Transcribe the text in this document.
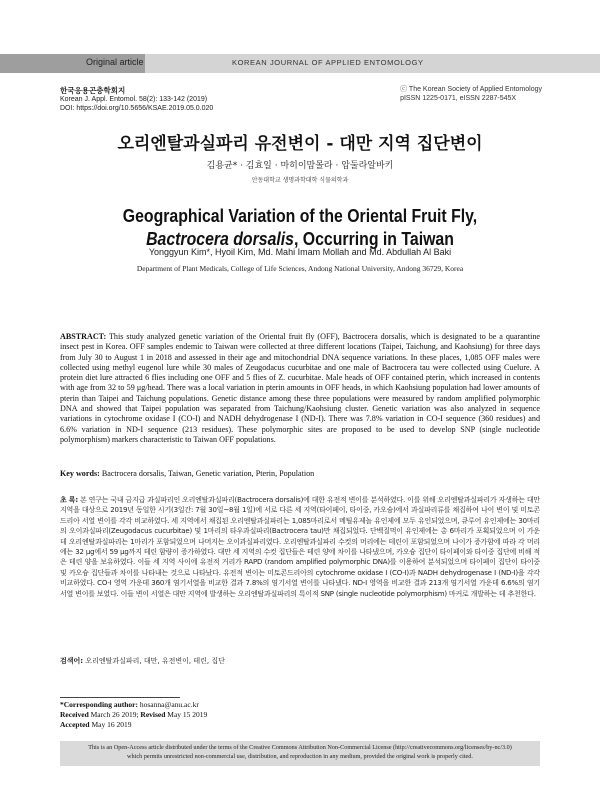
Original article	KOREAN JOURNAL OF APPLIED ENTOMOLOGY
한국응용곤충학회지
Korean J. Appl. Entomol. 58(2): 133-142 (2019)
DOI: https://doi.org/10.5656/KSAE.2019.05.0.020
ⓒ The Korean Society of Applied Entomology
pISSN 1225-0171, eISSN 2287-545X
오리엔탈과실파리 유전변이 - 대만 지역 집단변이
김용균* · 김효일 · 마히이맘몰라 · 압둘라알바키
안동대학교 생명과학대학 식물의학과
Geographical Variation of the Oriental Fruit Fly,
Bactrocera dorsalis, Occurring in Taiwan
Yonggyun Kim*, Hyoil Kim, Md. Mahi Imam Mollah and Md. Abdullah Al Baki
Department of Plant Medicals, College of Life Sciences, Andong National University, Andong 36729, Korea
ABSTRACT: This study analyzed genetic variation of the Oriental fruit fly (OFF), Bactrocera dorsalis, which is designated to be a quarantine insect pest in Korea. OFF samples endemic to Taiwan were collected at three different locations (Taipei, Taichung, and Kaohsiung) for three days from July 30 to August 1 in 2018 and assessed in their age and mitochondrial DNA sequence variations. In these places, 1,085 OFF males were collected using methyl eugenol lure while 30 males of Zeugodacus cucurbitae and one male of Bactrocera tau were collected using Cuelure. A protein diet lure attracted 6 flies including one OFF and 5 flies of Z. cucurbitae. Male heads of OFF contained pterin, which increased in contents with age from 32 to 59 μg/head. There was a local variation in pterin amounts in OFF heads, in which Kaohsiung population had lower amounts of pterin than Taipei and Taichung populations. Genetic distance among these three populations were measured by random amplified polymorphic DNA and showed that Taipei population was separated from Taichung/Kaohsiung cluster. Genetic variation was also analyzed in sequence variations in cytochrome oxidase I (CO-I) and NADH dehydrogenase I (ND-I). There was 7.8% variation in CO-I sequence (360 residues) and 6.6% variation in ND-I sequence (213 residues). These polymorphic sites are proposed to be used to develop SNP (single nucleotide polymorphism) markers characteristic to Taiwan OFF populations.
Key words: Bactrocera dorsalis, Taiwan, Genetic variation, Pterin, Population
초 록: 본 연구는 국내 금지급 과실파리인 오리엔탈과실파리(Bactrocera dorsalis)에 대한 유전적 변이를 분석하였다. 이를 위해 오리엔탈과실파리가 자생하는 대만 지역을 대상으로 2019년 동일한 시기(3일간: 7월 30일~8월 1일)에 서로 다른 세 지역(타이페이, 타이중, 카오슝)에서 과실파리류를 채집하여 나이 변이 및 미토콘드리아 서열 변이를 각각 비교하였다. 세 지역에서 채집된 오리엔탈과실파리는 1,085마리로서 메틸유제놀 유인제에 모두 유인되었으며, 큐루어 유인제에는 30마리의 오이과실파리(Zeugodacus cucurbitae) 및 1마리의 타우과실파리(Bactrocera tau)만 채집되었다. 단백질먹이 유인제에는 총 6마리가 포획되었으며 이 가운데 오리엔탈과실파리는 1마리가 포함되었으며 나머지는 오이과실파리였다. 오리엔탈과실파리 수컷의 머리에는 테린이 포함되었으며 나이가 증가함에 따라 각 머리에는 32 μg에서 59 μg까지 테린 함량이 증가하였다. 대만 세 지역의 수컷 집단들은 테린 양에 차이를 나타냈으며, 카오슝 집단이 타이페이와 타이중 집단에 비해 적은 테린 양을 보유하였다. 이들 세 지역 사이에 유전적 거리가 RAPD (random amplified polymorphic DNA)를 이용하여 분석되었으며 타이페이 집단이 타이중 및 카오슝 집단들과 차이를 나타내는 것으로 나타났다. 유전적 변이는 미토콘드리아의 cytochrome oxidase I (CO-I)과 NADH dehydrogenase I (ND-I)을 각각 비교하였다. CO-I 영역 가운데 360개 염기서열을 비교한 결과 7.8%의 염기서열 변이를 나타냈다. ND-I 영역을 비교한 결과 213개 염기서열 가운데 6.6%의 염기서열 변이를 보였다. 이들 변이 서열은 대만 지역에 발생하는 오리엔탈과실파리의 특이적 SNP (single nucleotide polymorphism) 마커로 개발하는 데 추천한다.
검색어: 오리엔탈과실파리, 대만, 유전변이, 테린, 집단
*Corresponding author: hosanna@anu.ac.kr
Received March 26 2019; Revised May 15 2019
Accepted May 16 2019
This is an Open-Access article distributed under the terms of the Creative Commons Attribution Non-Commercial License (http://creativecommons.org/licenses/by-nc/3.0)
which permits unrestricted non-commercial use, distribution, and reproduction in any medium, provided the original work is properly cited.
